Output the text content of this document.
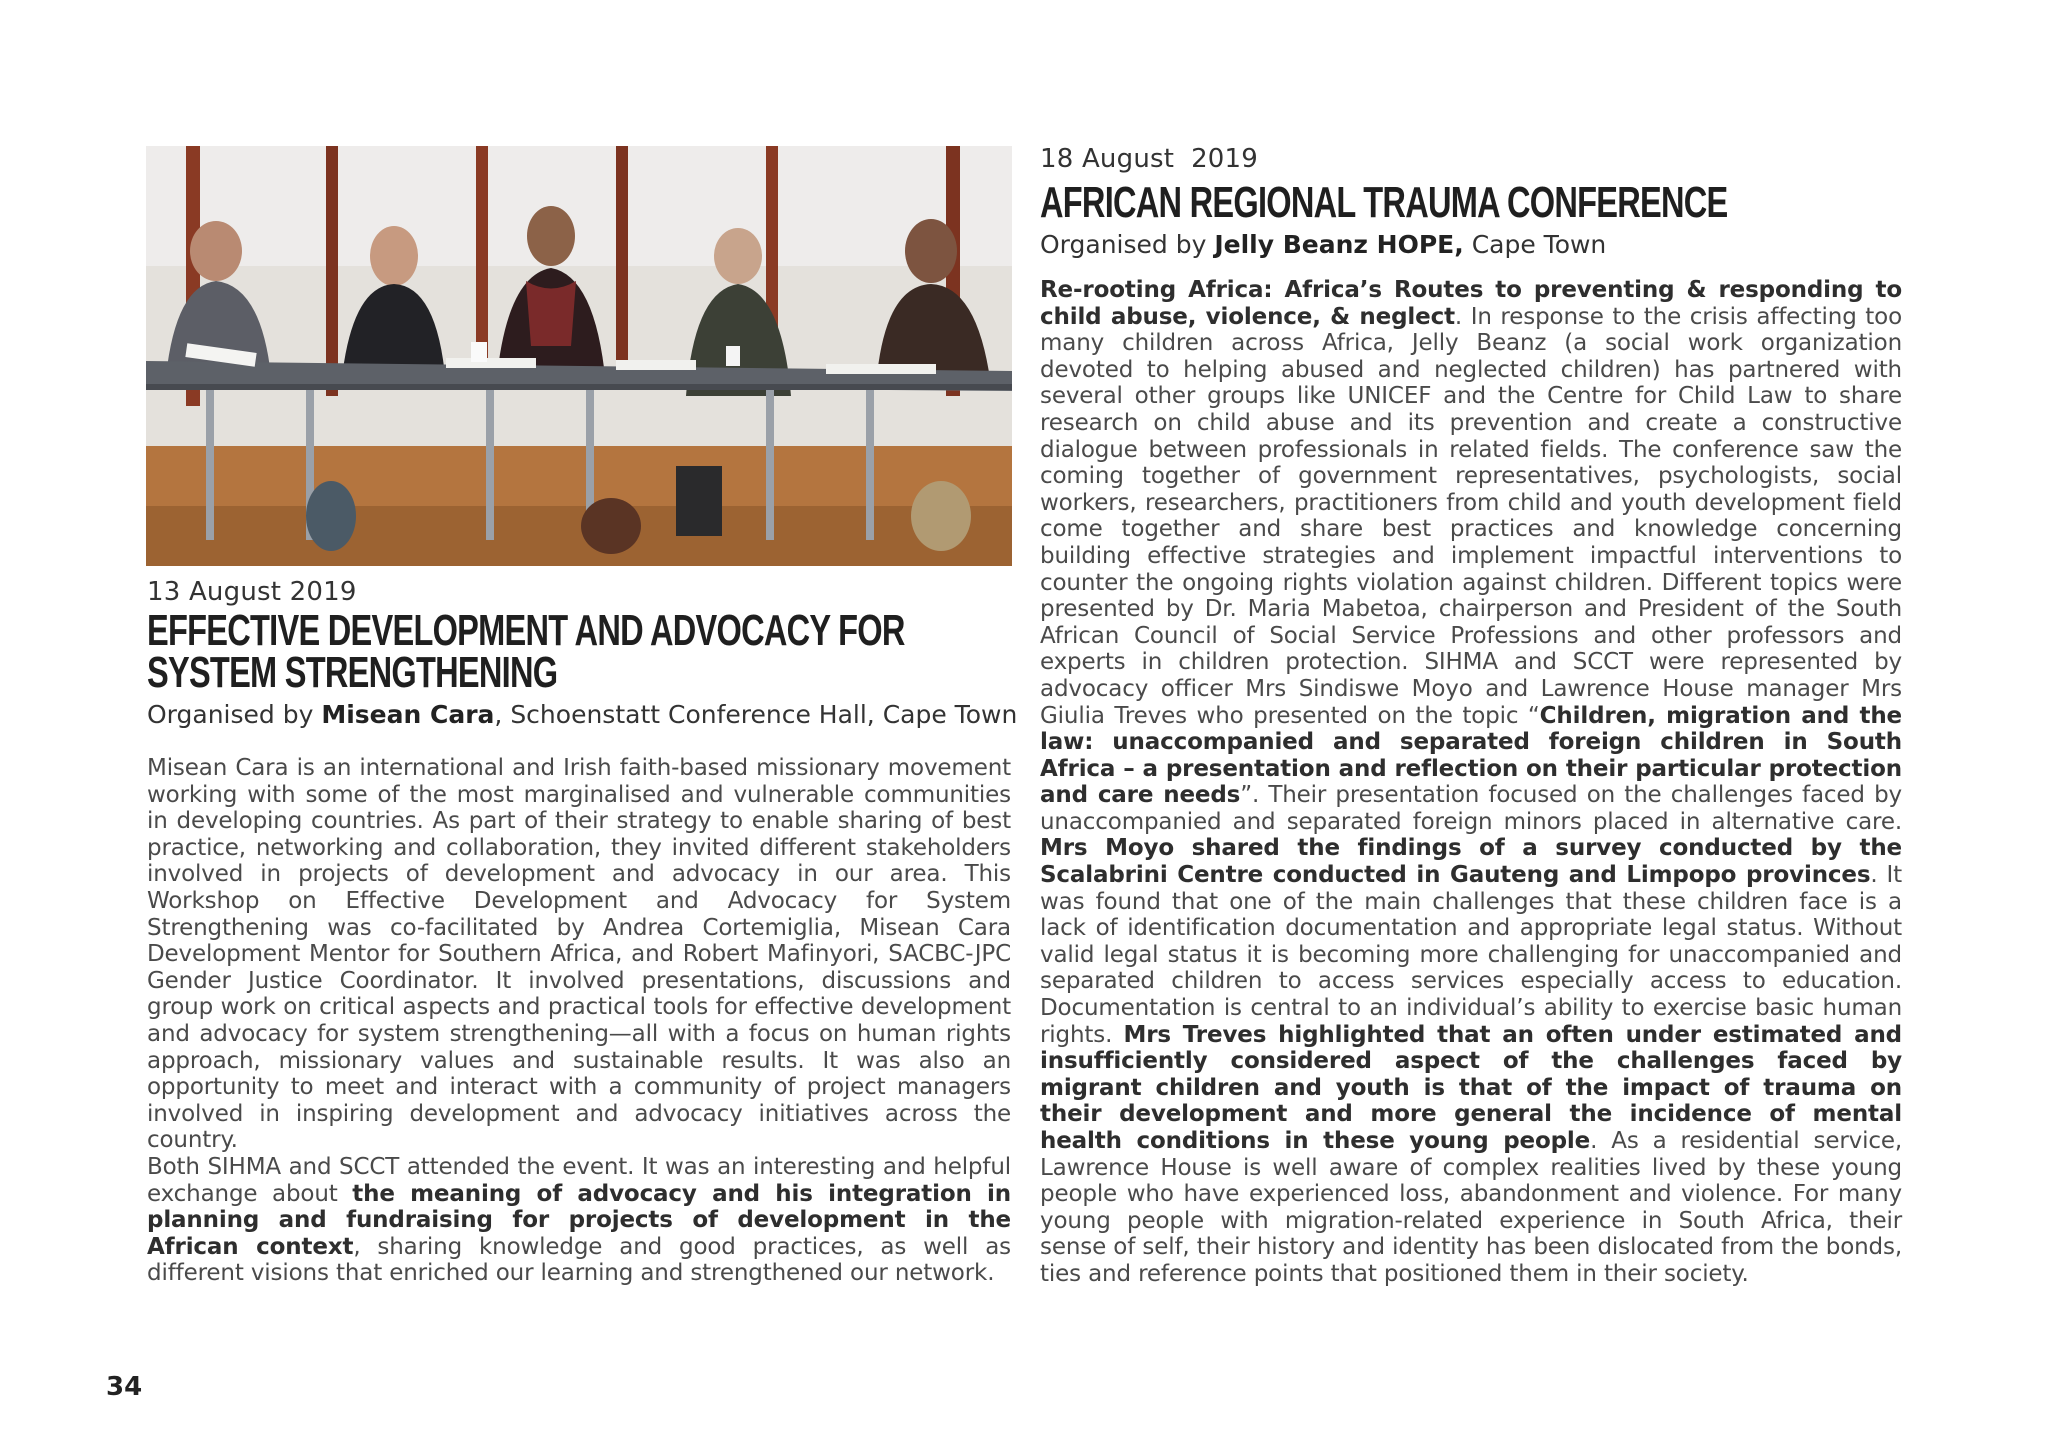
13 August 2019
EFFECTIVE DEVELOPMENT AND ADVOCACY FOR SYSTEM STRENGTHENING
Organised by Misean Cara, Schoenstatt Conference Hall, Cape Town

Misean Cara is an international and Irish faith-based missionary movement working with some of the most marginalised and vulnerable communities in developing countries. As part of their strategy to enable sharing of best practice, networking and collaboration, they invited different stakeholders involved in projects of development and advocacy in our area. This Workshop on Effective Development and Advocacy for System Strengthening was co-facilitated by Andrea Cortemiglia, Misean Cara Development Mentor for Southern Africa, and Robert Mafinyori, SACBC-JPC Gender Justice Coordinator. It involved presentations, discussions and group work on critical aspects and practical tools for effective development and advocacy for system strengthening—all with a focus on human rights approach, missionary values and sustainable results. It was also an opportunity to meet and interact with a community of project managers involved in inspiring development and advocacy initiatives across the country.

Both SIHMA and SCCT attended the event. It was an interesting and helpful exchange about the meaning of advocacy and his integration in planning and fundraising for projects of development in the African context, sharing knowledge and good practices, as well as different visions that enriched our learning and strengthened our network.

18 August  2019
AFRICAN REGIONAL TRAUMA CONFERENCE
Organised by Jelly Beanz HOPE, Cape Town

Re-rooting Africa: Africa’s Routes to preventing & responding to child abuse, violence, & neglect. In response to the crisis affecting too many children across Africa, Jelly Beanz (a social work organization devoted to helping abused and neglected children) has partnered with several other groups like UNICEF and the Centre for Child Law to share research on child abuse and its prevention and create a constructive dialogue between professionals in related fields. The conference saw the coming together of government representatives, psychologists, social workers, researchers, practitioners from child and youth development field come together and share best practices and knowledge concerning building effective strategies and implement impactful interventions to counter the ongoing rights violation against children. Different topics were presented by Dr. Maria Mabetoa, chairperson and President of the South African Council of Social Service Professions and other professors and experts in children protection. SIHMA and SCCT were represented by advocacy officer Mrs Sindiswe Moyo and Lawrence House manager Mrs Giulia Treves who presented on the topic “Children, migration and the law: unaccompanied and separated foreign children in South Africa – a presentation and reflection on their particular protection and care needs”. Their presentation focused on the challenges faced by unaccompanied and separated foreign minors placed in alternative care. Mrs Moyo shared the findings of a survey conducted by the Scalabrini Centre conducted in Gauteng and Limpopo provinces. It was found that one of the main challenges that these children face is a lack of identification documentation and appropriate legal status. Without valid legal status it is becoming more challenging for unaccompanied and separated children to access services especially access to education. Documentation is central to an individual’s ability to exercise basic human rights. Mrs Treves highlighted that an often under estimated and insufficiently considered aspect of the challenges faced by migrant children and youth is that of the impact of trauma on their development and more general the incidence of mental health conditions in these young people. As a residential service, Lawrence House is well aware of complex realities lived by these young people who have experienced loss, abandonment and violence. For many young people with migration-related experience in South Africa, their sense of self, their history and identity has been dislocated from the bonds, ties and reference points that positioned them in their society.

34
